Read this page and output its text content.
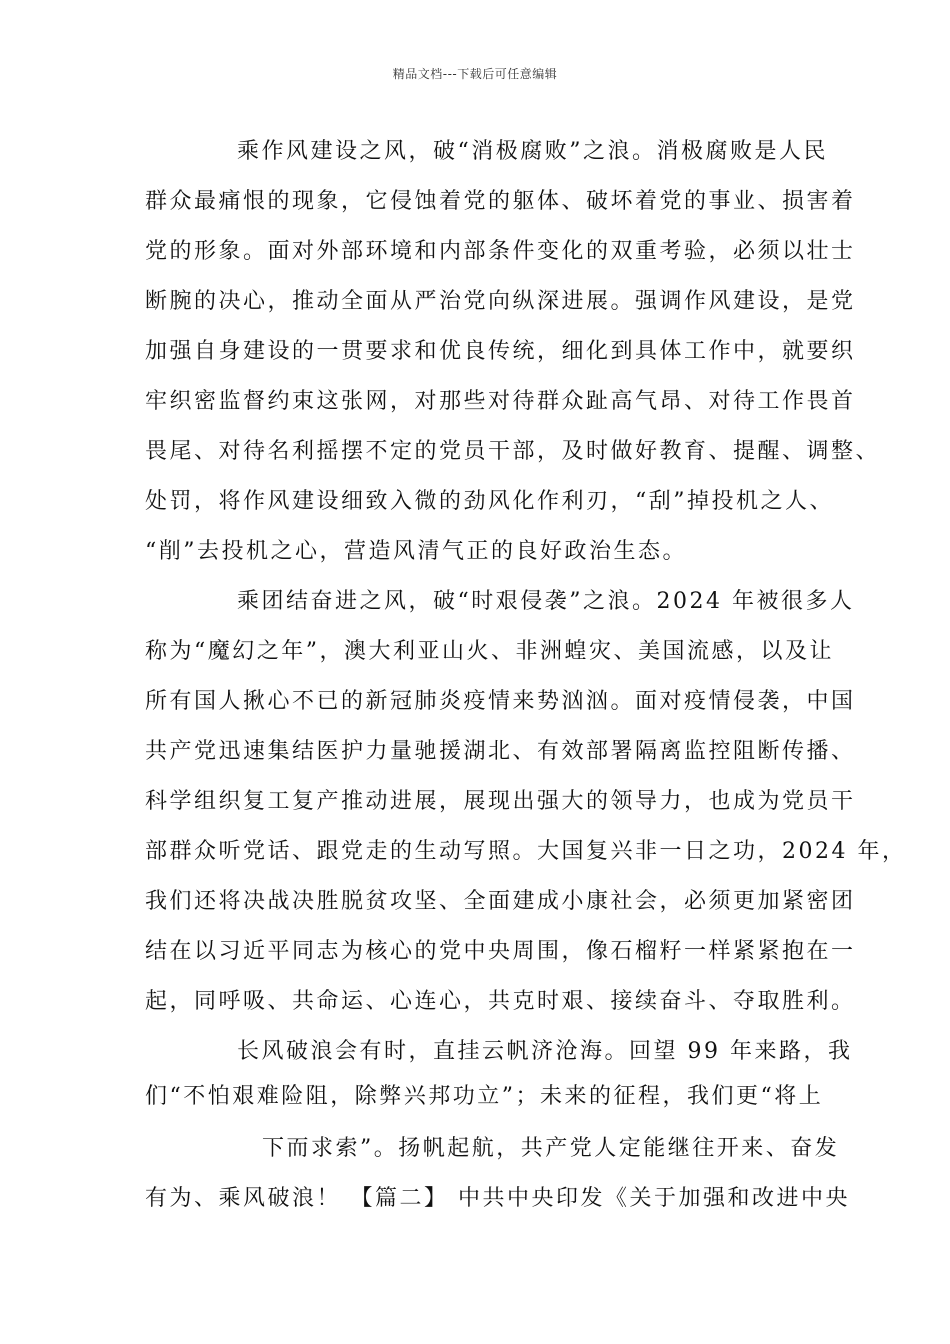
精品文档---下载后可任意编辑
乘作风建设之风，破“消极腐败”之浪。消极腐败是人民
群众最痛恨的现象，它侵蚀着党的躯体、破坏着党的事业、损害着
党的形象。面对外部环境和内部条件变化的双重考验，必须以壮士
断腕的决心，推动全面从严治党向纵深进展。强调作风建设，是党
加强自身建设的一贯要求和优良传统，细化到具体工作中，就要织
牢织密监督约束这张网，对那些对待群众趾高气昂、对待工作畏首
畏尾、对待名利摇摆不定的党员干部，及时做好教育、提醒、调整、
处罚，将作风建设细致入微的劲风化作利刃，“刮”掉投机之人、
“削”去投机之心，营造风清气正的良好政治生态。
乘团结奋进之风，破“时艰侵袭”之浪。2024 年被很多人
称为“魔幻之年”，澳大利亚山火、非洲蝗灾、美国流感，以及让
所有国人揪心不已的新冠肺炎疫情来势汹汹。面对疫情侵袭，中国
共产党迅速集结医护力量驰援湖北、有效部署隔离监控阻断传播、
科学组织复工复产推动进展，展现出强大的领导力，也成为党员干
部群众听党话、跟党走的生动写照。大国复兴非一日之功，2024 年，
我们还将决战决胜脱贫攻坚、全面建成小康社会，必须更加紧密团
结在以习近平同志为核心的党中央周围，像石榴籽一样紧紧抱在一
起，同呼吸、共命运、心连心，共克时艰、接续奋斗、夺取胜利。
长风破浪会有时，直挂云帆济沧海。回望 99 年来路，我
们“不怕艰难险阻，除弊兴邦功立”；未来的征程，我们更“将上
下而求索”。扬帆起航，共产党人定能继往开来、奋发
有为、乘风破浪！ 【篇二】 中共中央印发《关于加强和改进中央
